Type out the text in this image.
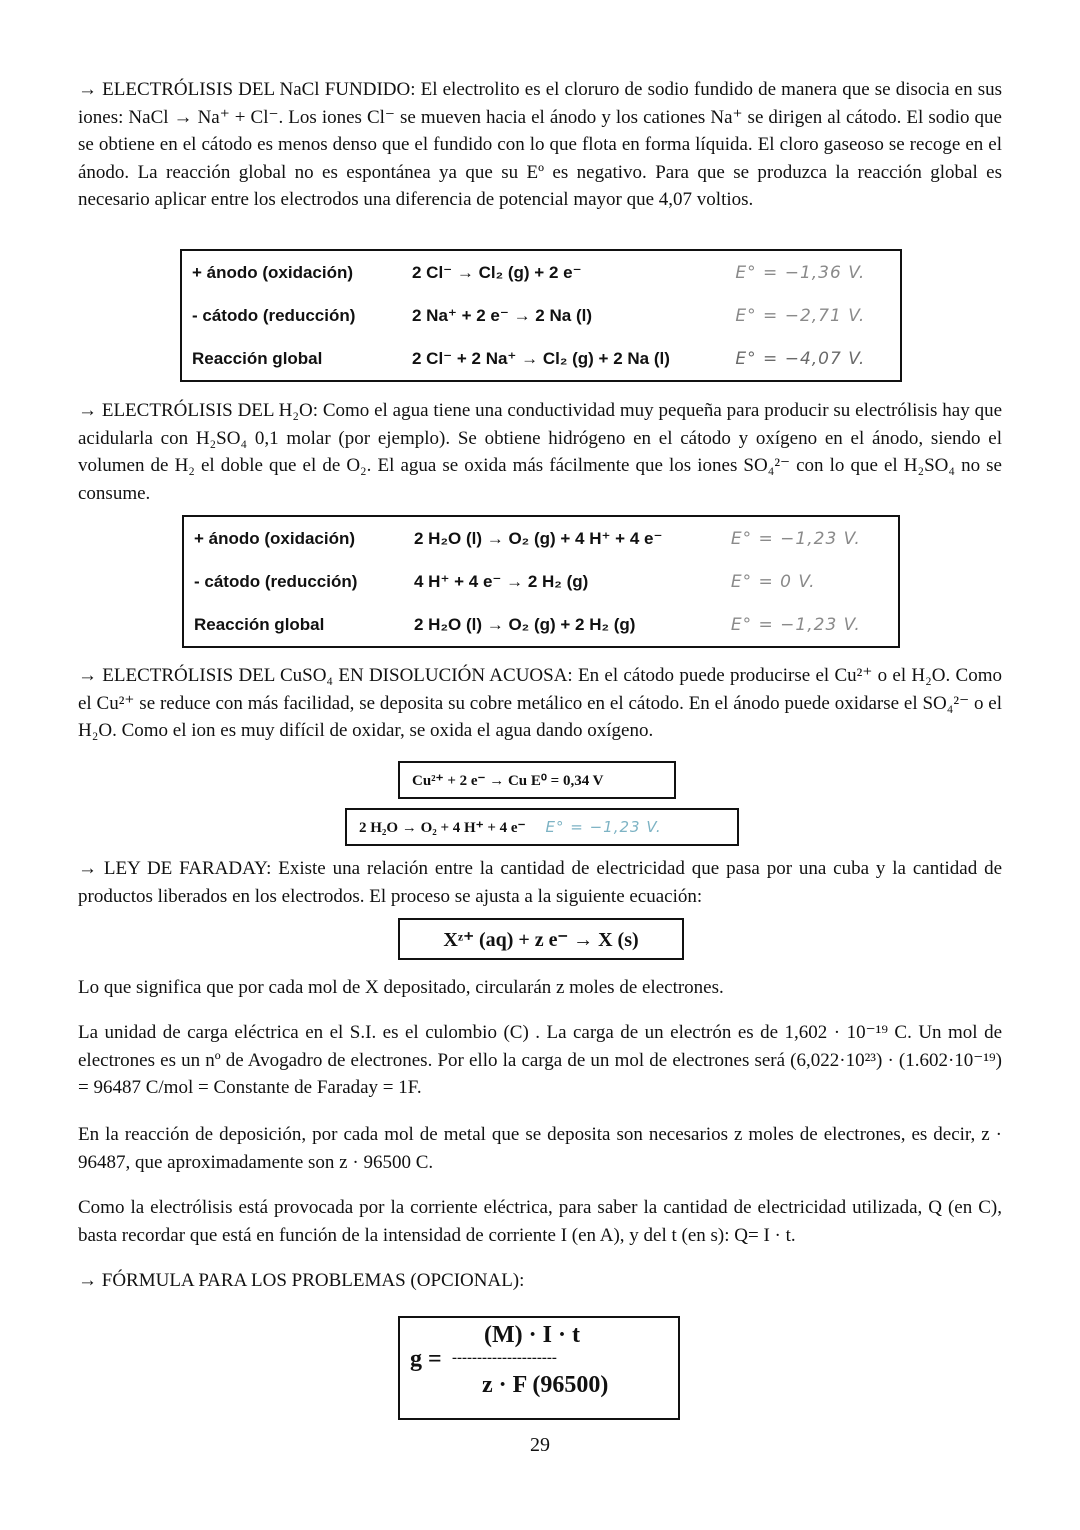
→ ELECTRÓLISIS DEL NaCl FUNDIDO: El electrolito es el cloruro de sodio fundido de manera que se disocia en sus iones: NaCl → Na⁺ + Cl⁻. Los iones Cl⁻ se mueven hacia el ánodo y los cationes Na⁺ se dirigen al cátodo. El sodio que se obtiene en el cátodo es menos denso que el fundido con lo que flota en forma líquida. El cloro gaseoso se recoge en el ánodo. La reacción global no es espontánea ya que su Eº es negativo. Para que se produzca la reacción global es necesario aplicar entre los electrodos una diferencia de potencial mayor que 4,07 voltios.

+ ánodo (oxidación)	2 Cl⁻ → Cl₂ (g) + 2 e⁻	E° = −1,36 V.
- cátodo (reducción)	2 Na⁺ + 2 e⁻ → 2 Na (l)	E° = −2,71 V.
Reacción global	2 Cl⁻ + 2 Na⁺ → Cl₂ (g) + 2 Na (l)	E° = −4,07 V.

→ ELECTRÓLISIS DEL H₂O: Como el agua tiene una conductividad muy pequeña para producir su electrólisis hay que acidularla con H₂SO₄ 0,1 molar (por ejemplo). Se obtiene hidrógeno en el cátodo y oxígeno en el ánodo, siendo el volumen de H₂ el doble que el de O₂. El agua se oxida más fácilmente que los iones SO₄²⁻ con lo que el H₂SO₄ no se consume.

+ ánodo (oxidación)	2 H₂O (l) → O₂ (g) + 4 H⁺ + 4 e⁻	E° = −1,23 V.
- cátodo (reducción)	4 H⁺ + 4 e⁻ → 2 H₂ (g)	E° = 0 V.
Reacción global	2 H₂O (l) → O₂ (g) + 2 H₂ (g)	E° = −1,23 V.

→ ELECTRÓLISIS DEL CuSO₄ EN DISOLUCIÓN ACUOSA: En el cátodo puede producirse el Cu²⁺ o el H₂O. Como el Cu²⁺ se reduce con más facilidad, se deposita su cobre metálico en el cátodo. En el ánodo puede oxidarse el SO₄²⁻ o el H₂O. Como el ion es muy difícil de oxidar, se oxida el agua dando oxígeno.

Cu²⁺ + 2 e⁻ → Cu E⁰ = 0,34 V
2 H₂O → O₂ + 4 H⁺ + 4 e⁻ E° = −1,23 V.

→ LEY DE FARADAY: Existe una relación entre la cantidad de electricidad que pasa por una cuba y la cantidad de productos liberados en los electrodos. El proceso se ajusta a la siguiente ecuación:

Xᶻ⁺ (aq) + z e⁻ → X (s)

Lo que significa que por cada mol de X depositado, circularán z moles de electrones.

La unidad de carga eléctrica en el S.I. es el culombio (C) . La carga de un electrón es de 1,602 · 10⁻¹⁹ C. Un mol de electrones es un nº de Avogadro de electrones. Por ello la carga de un mol de electrones será (6,022·10²³) · (1.602·10⁻¹⁹) = 96487 C/mol = Constante de Faraday = 1F.

En la reacción de deposición, por cada mol de metal que se deposita son necesarios z moles de electrones, es decir, z · 96487, que aproximadamente son z · 96500 C.

Como la electrólisis está provocada por la corriente eléctrica, para saber la cantidad de electricidad utilizada, Q (en C), basta recordar que está en función de la intensidad de corriente I (en A), y del t (en s): Q= I · t.

→ FÓRMULA PARA LOS PROBLEMAS (OPCIONAL):

g =
(M) · I · t
---------------------
z · F (96500)
29
